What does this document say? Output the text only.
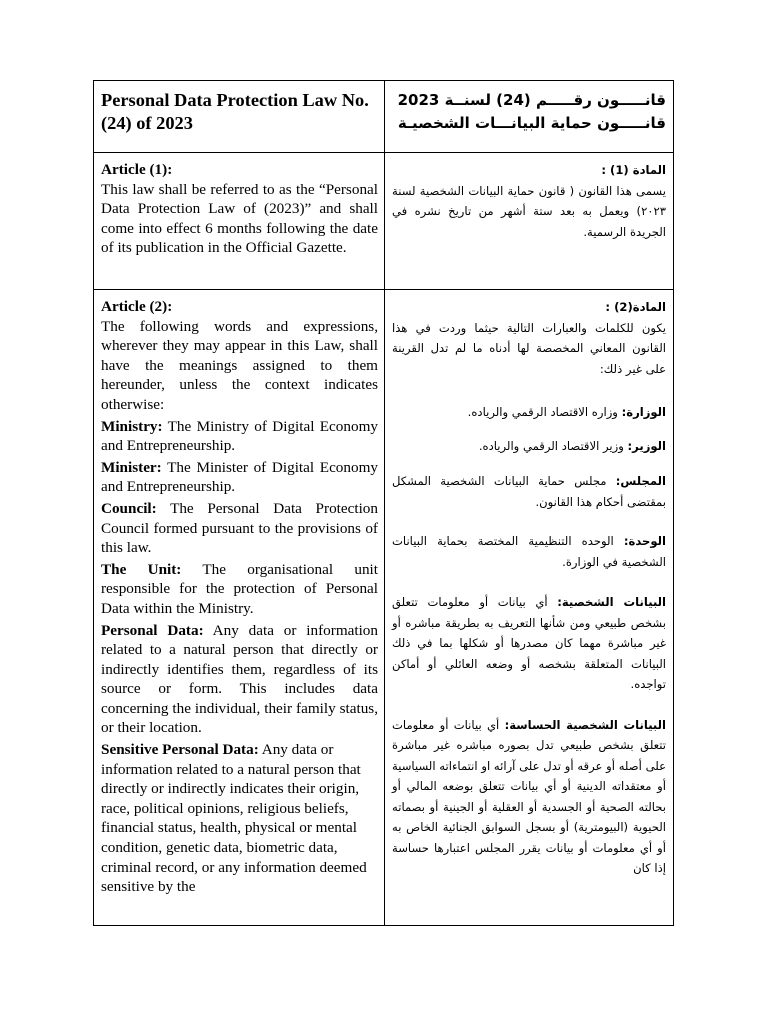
Personal Data Protection Law No. (24) of 2023

قانـــــون رقـــــم (24) لسنــة 2023

قانـــــون حماية البيانـــات الشخصيـة

Article (1):

This law shall be referred to as the “Personal Data Protection Law of (2023)” and shall come into effect 6 months following the date of its publication in the Official Gazette.

المادة (1) :

يسمى هذا القانون ( قانون حماية البيانات الشخصية لسنة ٢٠٢٣) ويعمل به بعد ستة أشهر من تاريخ نشره في الجريدة الرسمية.

Article (2):

The following words and expressions, wherever they may appear in this Law, shall have the meanings assigned to them hereunder, unless the context indicates otherwise:

Ministry: The Ministry of Digital Economy and Entrepreneurship.

Minister: The Minister of Digital Economy and Entrepreneurship.

Council: The Personal Data Protection Council formed pursuant to the provisions of this law.

The Unit: The organisational unit responsible for the protection of Personal Data within the Ministry.

Personal Data: Any data or information related to a natural person that directly or indirectly identifies them, regardless of its source or form. This includes data concerning the individual, their family status, or their location.

Sensitive Personal Data: Any data or information related to a natural person that directly or indirectly indicates their origin, race, political opinions, religious beliefs, financial status, health, physical or mental condition, genetic data, biometric data, criminal record, or any information deemed sensitive by the

المادة(2) :

يكون للكلمات والعبارات التالية حيثما وردت في هذا القانون المعاني المخصصة لها أدناه ما لم تدل القرينة على غير ذلك:

الوزارة: وزاره الاقتصاد الرقمي والرياده.

الوزير: وزير الاقتصاد الرقمي والرياده.

المجلس: مجلس حماية البيانات الشخصية المشكل بمقتضى أحكام هذا القانون.

الوحدة: الوحده التنظيمية المختصة بحماية البيانات الشخصية في الوزارة.

البيانات الشخصية: أي بيانات أو معلومات تتعلق بشخص طبيعي ومن شأنها التعريف به بطريقة مباشره أو غير مباشرة مهما كان مصدرها أو شكلها بما في ذلك البيانات المتعلقة بشخصه أو وضعه العائلي أو أماكن تواجده.

البيانات الشخصية الحساسة: أي بيانات أو معلومات تتعلق بشخص طبيعي تدل بصوره مباشره غير مباشرة على أصله أو عرقه أو تدل على آرائه او انتماءاته السياسية أو معتقداته الدينية أو أي بيانات تتعلق بوضعه المالي أو بحالته الصحية أو الجسدية أو العقلية أو الجينية أو بصماته الحيوية (البيومترية) أو بسجل السوابق الجنائية الخاص به أو أي معلومات أو بيانات يقرر المجلس اعتبارها حساسة إذا كان
